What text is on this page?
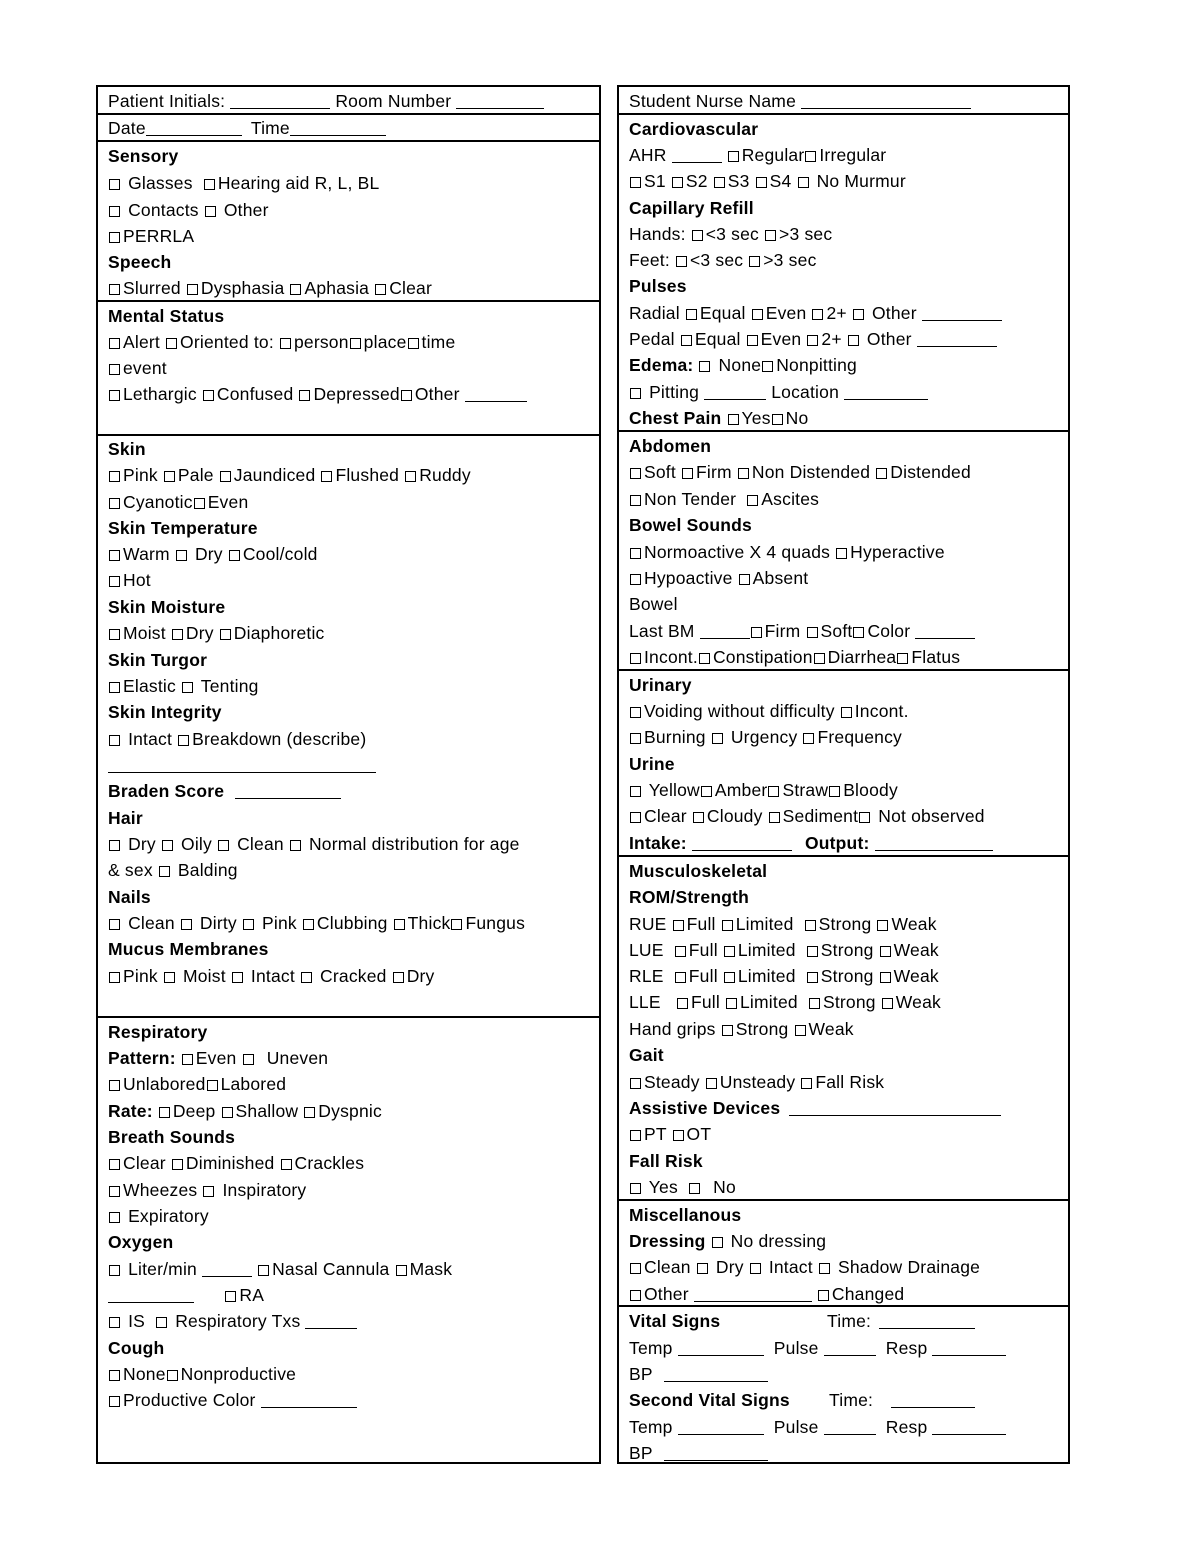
Patient Initials:	Room Number
Date	Time
Sensory
Glasses Hearing aid R, L, BL
Contacts Other
PERRLA
Speech
Slurred Dysphasia Aphasia Clear
Mental Status
Alert Oriented to: person place time
event
Lethargic Confused Depressed Other
Skin
Pink Pale Jaundiced Flushed Ruddy
Cyanotic Even
Skin Temperature
Warm Dry Cool/cold
Hot
Skin Moisture
Moist Dry Diaphoretic
Skin Turgor
Elastic Tenting
Skin Integrity
Intact Breakdown (describe)
Braden Score
Hair
Dry Oily Clean Normal distribution for age
& sex Balding
Nails
Clean Dirty Pink Clubbing Thick Fungus
Mucus Membranes
Pink Moist Intact Cracked Dry
Respiratory
Pattern: Even Uneven
Unlabored Labored
Rate: Deep Shallow Dyspnic
Breath Sounds
Clear Diminished Crackles
Wheezes Inspiratory
Expiratory
Oxygen
Liter/min	Nasal Cannula Mask
RA
IS Respiratory Txs
Cough
None Nonproductive
Productive Color
Student Nurse Name
Cardiovascular
AHR	Regular Irregular
S1 S2 S3 S4 No Murmur
Capillary Refill
Hands: <3 sec >3 sec
Feet: <3 sec >3 sec
Pulses
Radial Equal Even 2+ Other
Pedal Equal Even 2+ Other
Edema: None Nonpitting
Pitting	Location
Chest Pain Yes No
Abdomen
Soft Firm Non Distended Distended
Non Tender Ascites
Bowel Sounds
Normoactive X 4 quads Hyperactive
Hypoactive Absent
Bowel
Last BM	Firm Soft Color
Incont. Constipation Diarrhea Flatus
Urinary
Voiding without difficulty Incont.
Burning Urgency Frequency
Urine
Yellow Amber Straw Bloody
Clear Cloudy Sediment Not observed
Intake:	Output:
Musculoskeletal
ROM/Strength
RUE Full Limited Strong Weak
LUE Full Limited Strong Weak
RLE Full Limited Strong Weak
LLE Full Limited Strong Weak
Hand grips Strong Weak
Gait
Steady Unsteady Fall Risk
Assistive Devices
PT OT
Fall Risk
Yes No
Miscellanous
Dressing No dressing
Clean Dry Intact Shadow Drainage
Other	Changed
Vital Signs	Time:
Temp	Pulse	Resp
BP
Second Vital Signs Time:
Temp	Pulse	Resp
BP
